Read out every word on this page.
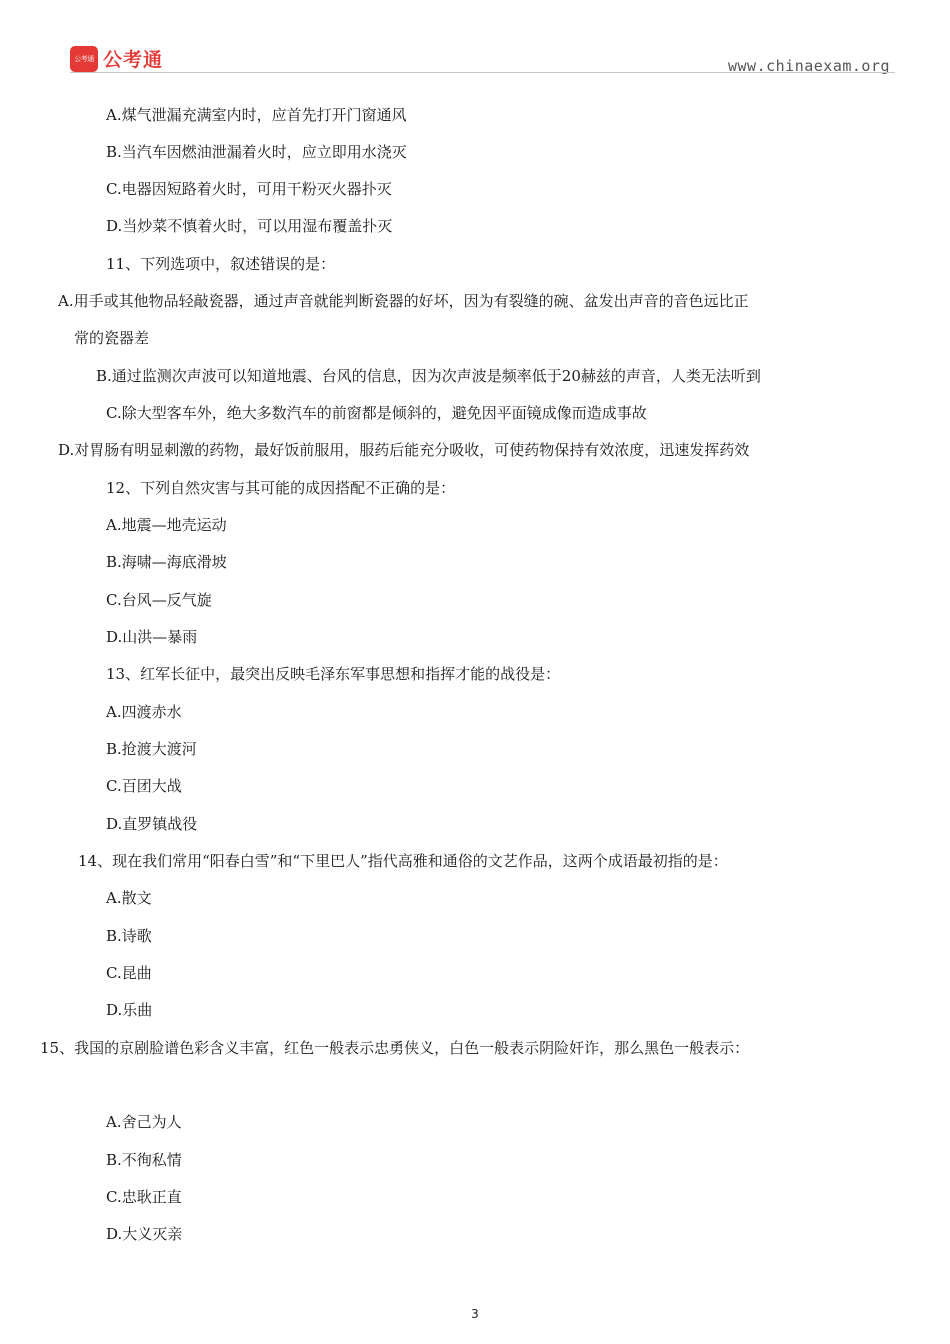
公考通 公考通	www.chinaexam.org
A.煤气泄漏充满室内时，应首先打开门窗通风
B.当汽车因燃油泄漏着火时，应立即用水浇灭
C.电器因短路着火时，可用干粉灭火器扑灭
D.当炒菜不慎着火时，可以用湿布覆盖扑灭
11、下列选项中，叙述错误的是：
A.用手或其他物品轻敲瓷器，通过声音就能判断瓷器的好坏，因为有裂缝的碗、盆发出声音的音色远比正
常的瓷器差
B.通过监测次声波可以知道地震、台风的信息，因为次声波是频率低于20赫兹的声音，人类无法听到
C.除大型客车外，绝大多数汽车的前窗都是倾斜的，避免因平面镜成像而造成事故
D.对胃肠有明显刺激的药物，最好饭前服用，服药后能充分吸收，可使药物保持有效浓度，迅速发挥药效
12、下列自然灾害与其可能的成因搭配不正确的是：
A.地震—地壳运动
B.海啸—海底滑坡
C.台风—反气旋
D.山洪—暴雨
13、红军长征中，最突出反映毛泽东军事思想和指挥才能的战役是：
A.四渡赤水
B.抢渡大渡河
C.百团大战
D.直罗镇战役
14、现在我们常用“阳春白雪”和“下里巴人”指代高雅和通俗的文艺作品，这两个成语最初指的是：
A.散文
B.诗歌
C.昆曲
D.乐曲
15、我国的京剧脸谱色彩含义丰富，红色一般表示忠勇侠义，白色一般表示阴险奸诈，那么黑色一般表示：
A.舍己为人
B.不徇私情
C.忠耿正直
D.大义灭亲
3
